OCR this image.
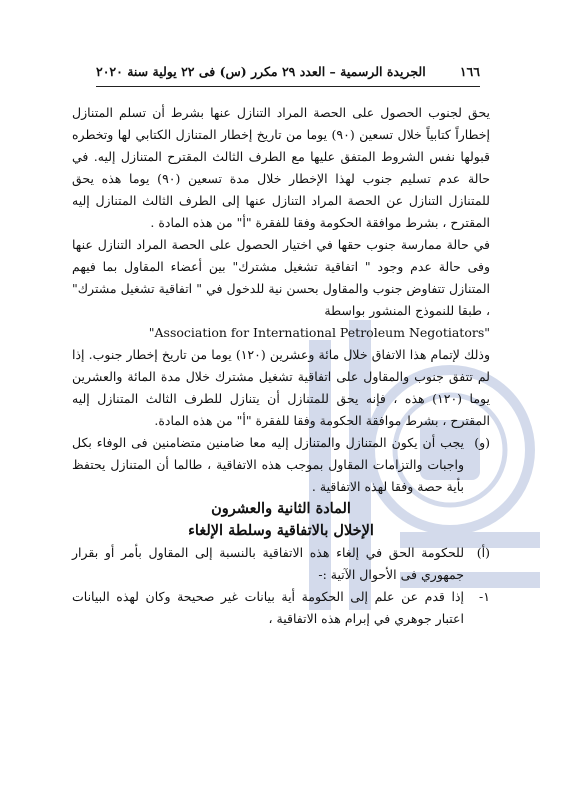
١٦٦
الجريدة الرسمية – العدد ٢٩ مكرر (س) فى ٢٢ يولية سنة ٢٠٢٠

يحق لجنوب الحصول على الحصة المراد التنازل عنها بشرط أن تسلم المتنازل إخطاراً كتابياً خلال تسعين (٩٠) يوما من تاريخ إخطار المتنازل الكتابي لها وتخطره قبولها نفس الشروط المتفق عليها مع الطرف الثالث المقترح المتنازل إليه. في حالة عدم تسليم جنوب لهذا الإخطار خلال مدة تسعين (٩٠) يوما هذه يحق للمتنازل التنازل عن الحصة المراد التنازل عنها إلى الطرف الثالث المتنازل إليه المقترح ، بشرط موافقة الحكومة وفقا للفقرة "أ" من هذه المادة .

في حالة ممارسة جنوب حقها في اختيار الحصول على الحصة المراد التنازل عنها وفى حالة عدم وجود " اتفاقية تشغيل مشترك" بين أعضاء المقاول بما فيهم المتنازل تتفاوض جنوب والمقاول بحسن نية للدخول في " اتفاقية تشغيل مشترك" ، طبقا للنموذج المنشور بواسطة

"Association for International Petroleum Negotiators"

وذلك لإتمام هذا الاتفاق خلال مائة وعشرين (١٢٠) يوما من تاريخ إخطار جنوب. إذا لم تتفق جنوب والمقاول على اتفاقية تشغيل مشترك خلال مدة المائة والعشرين يوما (١٢٠) هذه ، فإنه يحق للمتنازل أن يتنازل للطرف الثالث المتنازل إليه المقترح ، بشرط موافقة الحكومة وفقا للفقرة "أ" من هذه المادة.

(و)
يجب أن يكون المتنازل والمتنازل إليه معا ضامنين متضامنين فى الوفاء بكل واجبات والتزامات المقاول بموجب هذه الاتفاقية ، طالما أن المتنازل يحتفظ بأية حصة وفقا لهذه الاتفاقية .
المادة الثانية والعشرون
الإخلال بالاتفاقية وسلطة الإلغاء
(أ)
للحكومة الحق في إلغاء هذه الاتفاقية بالنسبة إلى المقاول بأمر أو بقرار جمهوري فى الأحوال الآتية :-
١-
إذا قدم عن علم إلى الحكومة أية بيانات غير صحيحة وكان لهذه البيانات اعتبار جوهري في إبرام هذه الاتفاقية ،
